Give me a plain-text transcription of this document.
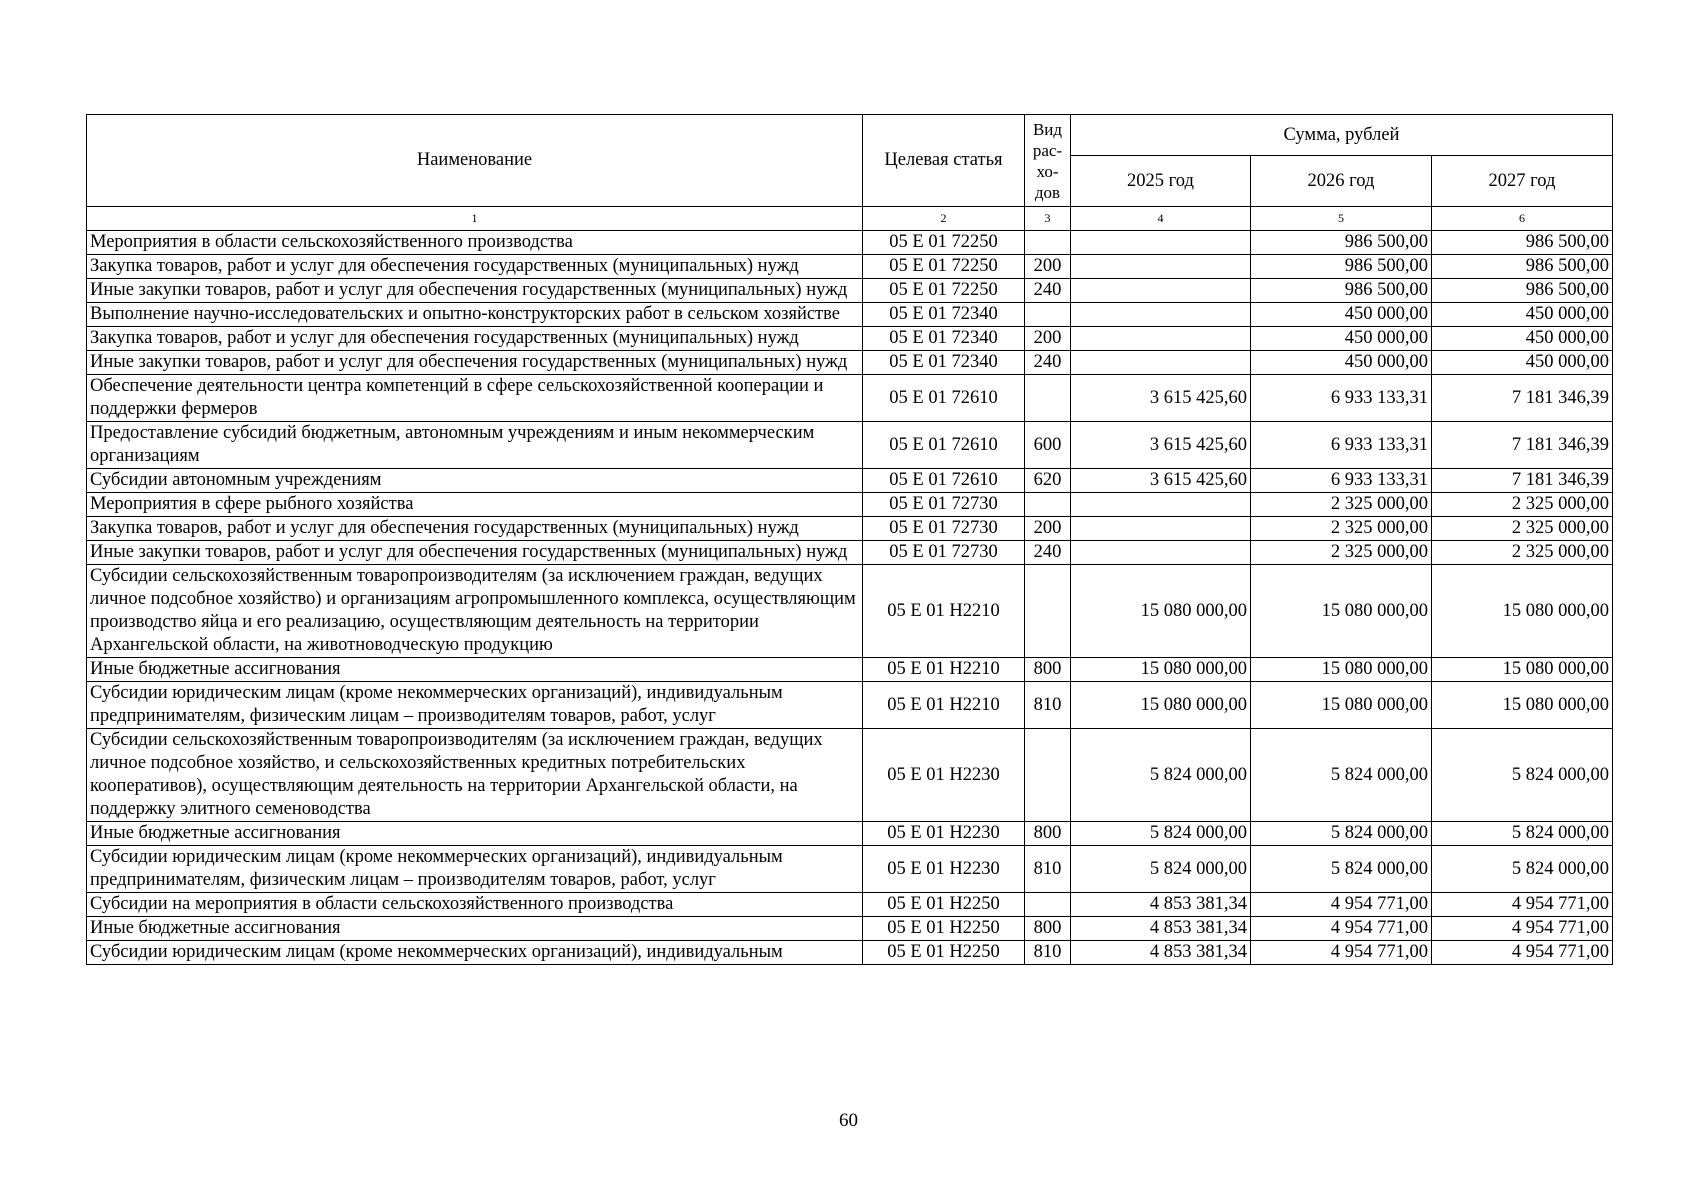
Наименование	Целевая статья	Вид рас- хо- дов	Сумма, рублей		
			2025 год	2026 год	2027 год
1	2	3	4	5	6
Мероприятия в области сельскохозяйственного производства	05 Е 01 72250			986 500,00	986 500,00
Закупка товаров, работ и услуг для обеспечения государственных (муниципальных) нужд	05 Е 01 72250	200		986 500,00	986 500,00
Иные закупки товаров, работ и услуг для обеспечения государственных (муниципальных) нужд	05 Е 01 72250	240		986 500,00	986 500,00
Выполнение научно-исследовательских и опытно-конструкторских работ в сельском хозяйстве	05 Е 01 72340			450 000,00	450 000,00
Закупка товаров, работ и услуг для обеспечения государственных (муниципальных) нужд	05 Е 01 72340	200		450 000,00	450 000,00
Иные закупки товаров, работ и услуг для обеспечения государственных (муниципальных) нужд	05 Е 01 72340	240		450 000,00	450 000,00
Обеспечение деятельности центра компетенций в сфере сельскохозяйственной кооперации и поддержки фермеров	05 Е 01 72610		3 615 425,60	6 933 133,31	7 181 346,39
Предоставление субсидий бюджетным, автономным учреждениям и иным некоммерческим организациям	05 Е 01 72610	600	3 615 425,60	6 933 133,31	7 181 346,39
Субсидии автономным учреждениям	05 Е 01 72610	620	3 615 425,60	6 933 133,31	7 181 346,39
Мероприятия в сфере рыбного хозяйства	05 Е 01 72730			2 325 000,00	2 325 000,00
Закупка товаров, работ и услуг для обеспечения государственных (муниципальных) нужд	05 Е 01 72730	200		2 325 000,00	2 325 000,00
Иные закупки товаров, работ и услуг для обеспечения государственных (муниципальных) нужд	05 Е 01 72730	240		2 325 000,00	2 325 000,00
Субсидии сельскохозяйственным товаропроизводителям (за исключением граждан, ведущих личное подсобное хозяйство) и организациям агропромышленного комплекса, осуществляющим производство яйца и его реализацию, осуществляющим деятельность на территории Архангельской области, на животноводческую продукцию	05 Е 01 Н2210		15 080 000,00	15 080 000,00	15 080 000,00
Иные бюджетные ассигнования	05 Е 01 Н2210	800	15 080 000,00	15 080 000,00	15 080 000,00
Субсидии юридическим лицам (кроме некоммерческих организаций), индивидуальным предпринимателям, физическим лицам – производителям товаров, работ, услуг	05 Е 01 Н2210	810	15 080 000,00	15 080 000,00	15 080 000,00
Субсидии сельскохозяйственным товаропроизводителям (за исключением граждан, ведущих личное подсобное хозяйство, и сельскохозяйственных кредитных потребительских кооперативов), осуществляющим деятельность на территории Архангельской области, на поддержку элитного семеноводства	05 Е 01 Н2230		5 824 000,00	5 824 000,00	5 824 000,00
Иные бюджетные ассигнования	05 Е 01 Н2230	800	5 824 000,00	5 824 000,00	5 824 000,00
Субсидии юридическим лицам (кроме некоммерческих организаций), индивидуальным предпринимателям, физическим лицам – производителям товаров, работ, услуг	05 Е 01 Н2230	810	5 824 000,00	5 824 000,00	5 824 000,00
Субсидии на мероприятия в области сельскохозяйственного производства	05 Е 01 Н2250		4 853 381,34	4 954 771,00	4 954 771,00
Иные бюджетные ассигнования	05 Е 01 Н2250	800	4 853 381,34	4 954 771,00	4 954 771,00
Субсидии юридическим лицам (кроме некоммерческих организаций), индивидуальным	05 Е 01 Н2250	810	4 853 381,34	4 954 771,00	4 954 771,00
60
